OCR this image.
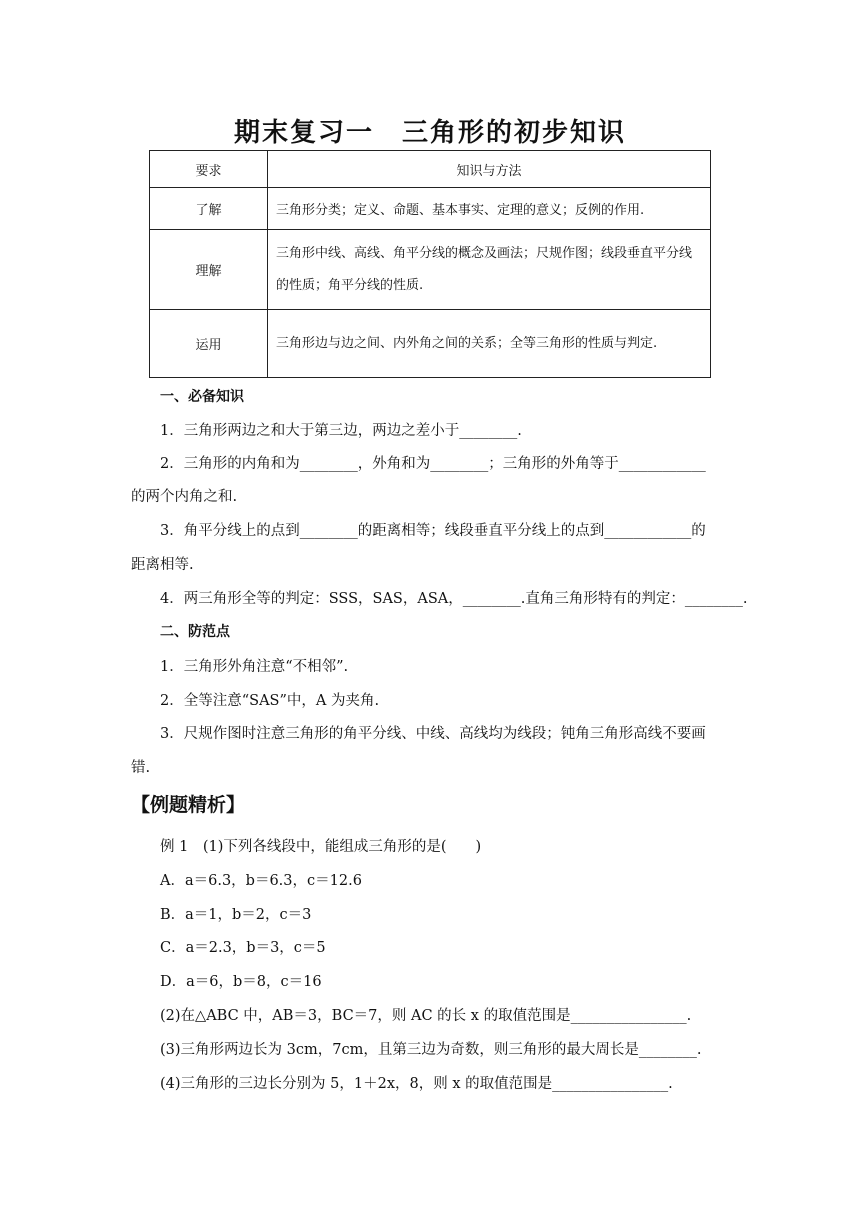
期末复习一　三角形的初步知识
要求	知识与方法
了解	三角形分类；定义、命题、基本事实、定理的意义；反例的作用.
理解	三角形中线、高线、角平分线的概念及画法；尺规作图；线段垂直平分线的性质；角平分线的性质.
运用	三角形边与边之间、内外角之间的关系；全等三角形的性质与判定.
一、必备知识
1．三角形两边之和大于第三边，两边之差小于________.
2．三角形的内角和为________，外角和为________；三角形的外角等于____________
的两个内角之和.
3．角平分线上的点到________的距离相等；线段垂直平分线上的点到____________的
距离相等.
4．两三角形全等的判定：SSS，SAS，ASA，________.直角三角形特有的判定：________.
二、防范点
1．三角形外角注意“不相邻”.
2．全等注意“SAS”中，A 为夹角.
3．尺规作图时注意三角形的角平分线、中线、高线均为线段；钝角三角形高线不要画
错.
【例题精析】
例 1　(1)下列各线段中，能组成三角形的是(　　)
A．a＝6.3，b＝6.3，c＝12.6
B．a＝1，b＝2，c＝3
C．a＝2.3，b＝3，c＝5
D．a＝6，b＝8，c＝16
(2)在△ABC 中，AB＝3，BC＝7，则 AC 的长 x 的取值范围是________________.
(3)三角形两边长为 3cm，7cm，且第三边为奇数，则三角形的最大周长是________.
(4)三角形的三边长分别为 5，1＋2x，8，则 x 的取值范围是________________.
